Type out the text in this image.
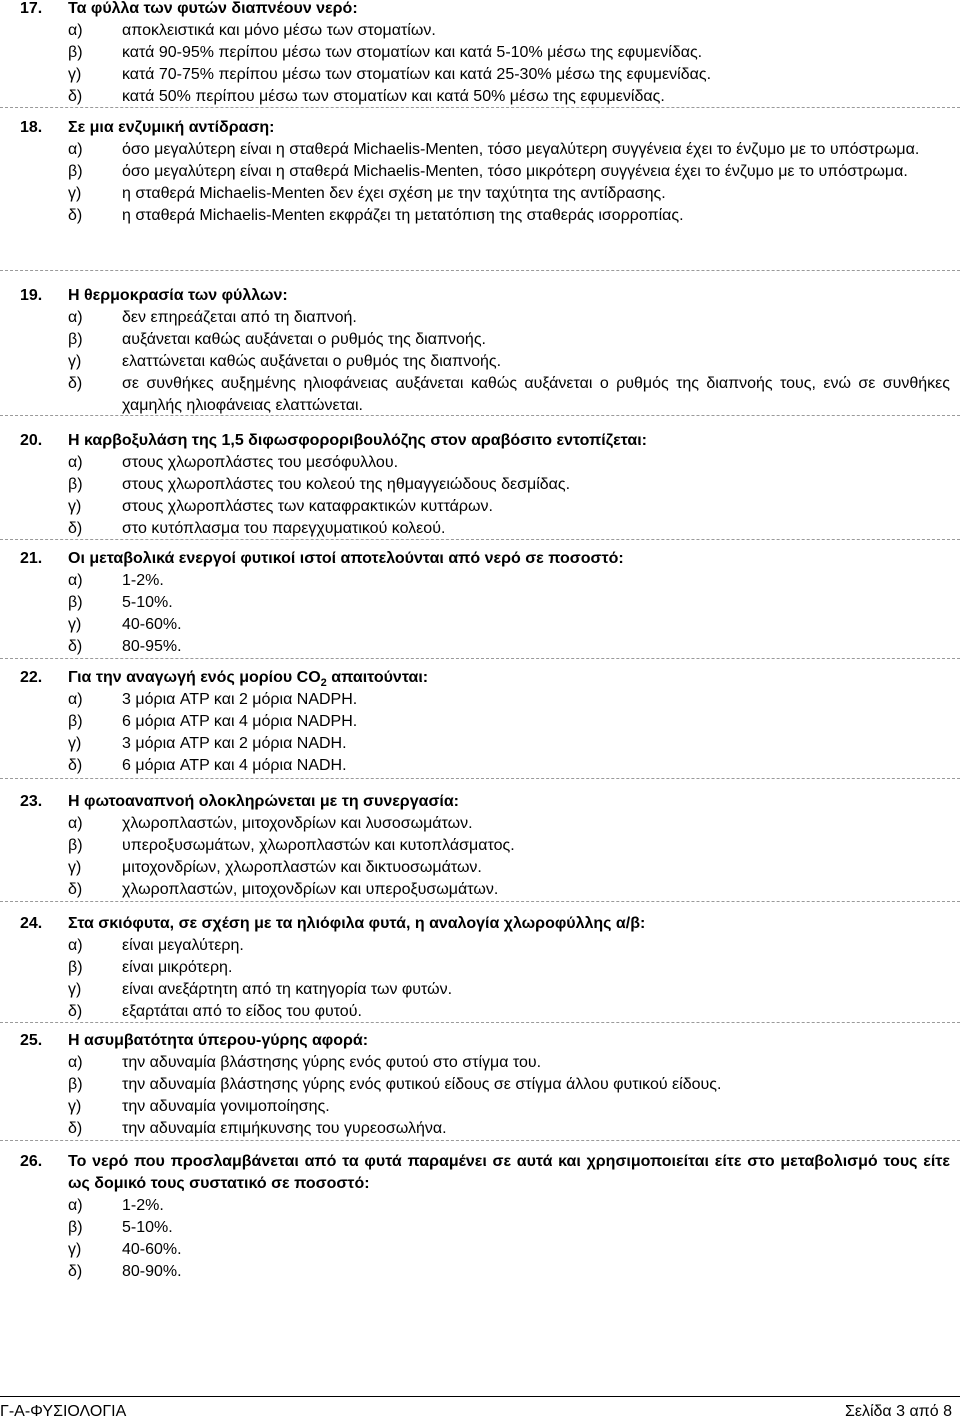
17. Τα φύλλα των φυτών διαπνέουν νερό:
α) αποκλειστικά και μόνο μέσω των στοματίων.
β) κατά 90-95% περίπου μέσω των στοματίων και κατά 5-10% μέσω της εφυμενίδας.
γ)	κατά 70-75% περίπου μέσω των στοματίων και κατά 25-30% μέσω της εφυμενίδας.
δ) κατά 50% περίπου μέσω των στοματίων και κατά 50% μέσω της εφυμενίδας.
18. Σε μια ενζυμική αντίδραση:
α) όσο μεγαλύτερη είναι η σταθερά Michaelis-Menten, τόσο μεγαλύτερη συγγένεια έχει το ένζυμο με το υπόστρωμα.
β) όσο μεγαλύτερη είναι η σταθερά Michaelis-Menten, τόσο μικρότερη συγγένεια έχει το ένζυμο με το υπόστρωμα.
γ)	η σταθερά Michaelis-Menten δεν έχει σχέση με την ταχύτητα της αντίδρασης.
δ) η σταθερά Michaelis-Menten εκφράζει τη μετατόπιση της σταθεράς ισορροπίας.
19. Η θερμοκρασία των φύλλων:
α) δεν επηρεάζεται από τη διαπνοή.
β) αυξάνεται καθώς αυξάνεται ο ρυθμός της διαπνοής.
γ)	ελαττώνεται καθώς αυξάνεται ο ρυθμός της διαπνοής.
δ) σε συνθήκες αυξημένης ηλιοφάνειας αυξάνεται καθώς αυξάνεται ο ρυθμός της διαπνοής τους, ενώ σε συνθήκες χαμηλής ηλιοφάνειας ελαττώνεται.
20. Η καρβοξυλάση της 1,5 διφωσφοροριβουλόζης στον αραβόσιτο εντοπίζεται:
α) στους χλωροπλάστες του μεσόφυλλου.
β) στους χλωροπλάστες του κολεού της ηθμαγγειώδους δεσμίδας.
γ)	στους χλωροπλάστες των καταφρακτικών κυττάρων.
δ) στο κυτόπλασμα του παρεγχυματικού κολεού.
21. Οι μεταβολικά ενεργοί φυτικοί ιστοί αποτελούνται από νερό σε ποσοστό:
α) 1-2%.
β) 5-10%.
γ)	40-60%.
δ) 80-95%.
22. Για την αναγωγή ενός μορίου $CO_2$ απαιτούνται:
α) 3 μόρια ATP και 2 μόρια NADPH.
β) 6 μόρια ATP και 4 μόρια NADPH.
γ)	3 μόρια ATP και 2 μόρια NADH.
δ) 6 μόρια ATP και 4 μόρια NADH.
23. Η φωτοαναπνοή ολοκληρώνεται με τη συνεργασία:
α) χλωροπλαστών, μιτοχονδρίων και λυσοσωμάτων.
β) υπεροξυσωμάτων, χλωροπλαστών και κυτοπλάσματος.
γ)	μιτοχονδρίων, χλωροπλαστών και δικτυοσωμάτων.
δ) χλωροπλαστών, μιτοχονδρίων και υπεροξυσωμάτων.
24. Στα σκιόφυτα, σε σχέση με τα ηλιόφιλα φυτά, η αναλογία χλωροφύλλης α/β:
α) είναι μεγαλύτερη.
β) είναι μικρότερη.
γ)	είναι ανεξάρτητη από τη κατηγορία των φυτών.
δ) εξαρτάται από το είδος του φυτού.
25. Η ασυμβατότητα ύπερου-γύρης αφορά:
α) την αδυναμία βλάστησης γύρης ενός φυτού στο στίγμα του.
β) την αδυναμία βλάστησης γύρης ενός φυτικού είδους σε στίγμα άλλου φυτικού είδους.
γ)	την αδυναμία γονιμοποίησης.
δ) την αδυναμία επιμήκυνσης του γυρεοσωλήνα.
26. Το νερό που προσλαμβάνεται από τα φυτά παραμένει σε αυτά και χρησιμοποιείται είτε στο μεταβολισμό τους είτε ως δομικό τους συστατικό σε ποσοστό:
α) 1-2%.
β) 5-10%.
γ)	40-60%.
δ) 80-90%.
Γ-Α-ΦΥΣΙΟΛΟΓΙΑ	Σελίδα 3 από 8
